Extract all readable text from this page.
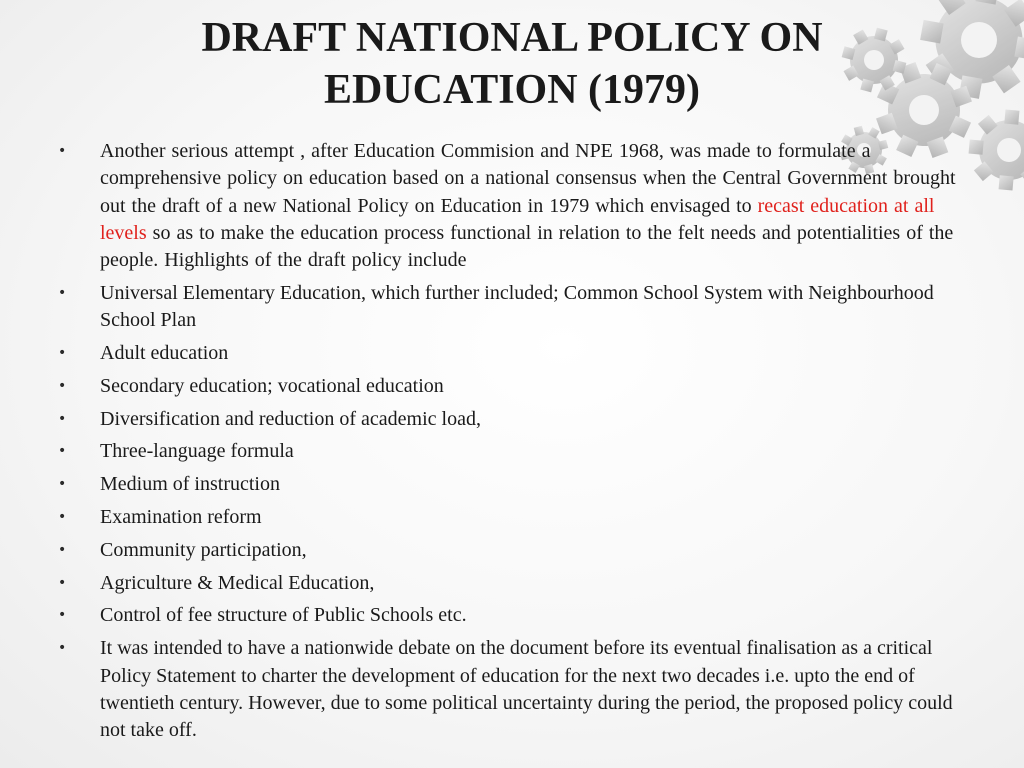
DRAFT NATIONAL POLICY ON
EDUCATION (1979)
• Another serious attempt , after Education Commision and NPE 1968, was made to formulate a comprehensive policy on education based on a national consensus when the Central Government brought out the draft of a new National Policy on Education in 1979 which envisaged to recast education at all levels so as to make the education process functional in relation to the felt needs and potentialities of the people. Highlights of the draft policy include
• Universal Elementary Education, which further included; Common School System with Neighbourhood School Plan
• Adult education
• Secondary education; vocational education
• Diversification and reduction of academic load,
• Three-language formula
• Medium of instruction
• Examination reform
• Community participation,
• Agriculture & Medical Education,
• Control of fee structure of Public Schools etc.
• It was intended to have a nationwide debate on the document before its eventual finalisation as a critical Policy Statement to charter the development of education for the next two decades i.e. upto the end of twentieth century. However, due to some political uncertainty during the period, the proposed policy could not take off.
